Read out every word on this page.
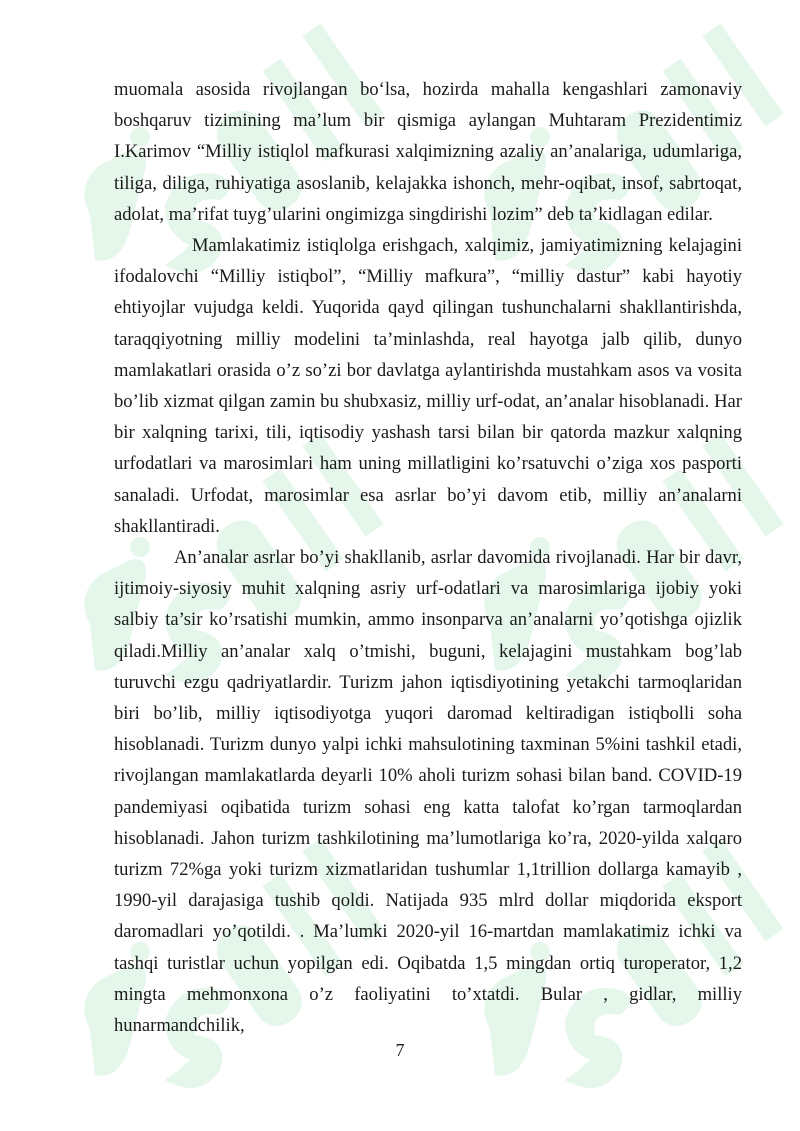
muomala asosida rivojlangan bo‘lsa, hozirda mahalla kengashlari zamonaviy
boshqaruv tizimining ma’lum bir qismiga aylangan Muhtaram Prezidentimiz
I.Karimov “Milliy istiqlol mafkurasi xalqimizning azaliy an’analariga, udumlariga,
tiliga, diliga, ruhiyatiga asoslanib, kelajakka ishonch, mehr-oqibat, insof, sabrtoqat,
adolat, ma’rifat tuyg’ularini ongimizga singdirishi lozim” deb ta’kidlagan edilar.

Mamlakatimiz istiqlolga erishgach, xalqimiz, jamiyatimizning kelajagini
ifodalovchi “Milliy istiqbol”, “Milliy mafkura”, “milliy dastur” kabi hayotiy
ehtiyojlar vujudga keldi. Yuqorida qayd qilingan tushunchalarni shakllantirishda,
taraqqiyotning milliy modelini ta’minlashda, real hayotga jalb qilib, dunyo
mamlakatlari orasida o’z so’zi bor davlatga aylantirishda mustahkam asos va vosita
bo’lib xizmat qilgan zamin bu shubxasiz, milliy urf-odat, an’analar hisoblanadi. Har
bir xalqning tarixi, tili, iqtisodiy yashash tarsi bilan bir qatorda mazkur xalqning
urfodatlari va marosimlari ham uning millatligini ko’rsatuvchi o’ziga xos pasporti
sanaladi. Urfodat, marosimlar esa asrlar bo’yi davom etib, milliy an’analarni
shakllantiradi.

An’analar asrlar bo’yi shakllanib, asrlar davomida rivojlanadi. Har bir davr,
ijtimoiy-siyosiy muhit xalqning asriy urf-odatlari va marosimlariga ijobiy yoki
salbiy ta’sir ko’rsatishi mumkin, ammo insonparva an’analarni yo’qotishga ojizlik
qiladi.Milliy an’analar xalq o’tmishi, buguni, kelajagini mustahkam bog’lab
turuvchi ezgu qadriyatlardir. Turizm jahon iqtisdiyotining yetakchi tarmoqlaridan
biri bo’lib, milliy iqtisodiyotga yuqori daromad keltiradigan istiqbolli soha
hisoblanadi. Turizm dunyo yalpi ichki mahsulotining taxminan 5%ini tashkil etadi,
rivojlangan mamlakatlarda deyarli 10% aholi turizm sohasi bilan band. COVID-19
pandemiyasi oqibatida turizm sohasi eng katta talofat ko’rgan tarmoqlardan
hisoblanadi. Jahon turizm tashkilotining ma’lumotlariga ko’ra, 2020-yilda xalqaro
turizm 72%ga yoki turizm xizmatlaridan tushumlar 1,1trillion dollarga kamayib ,
1990-yil darajasiga tushib qoldi. Natijada 935 mlrd dollar miqdorida eksport
daromadlari yo’qotildi. . Ma’lumki 2020-yil 16-martdan mamlakatimiz ichki va
tashqi turistlar uchun yopilgan edi. Oqibatda 1,5 mingdan ortiq turoperator, 1,2
mingta mehmonxona o’z faoliyatini to’xtatdi. Bular , gidlar, milliy hunarmandchilik,

7
